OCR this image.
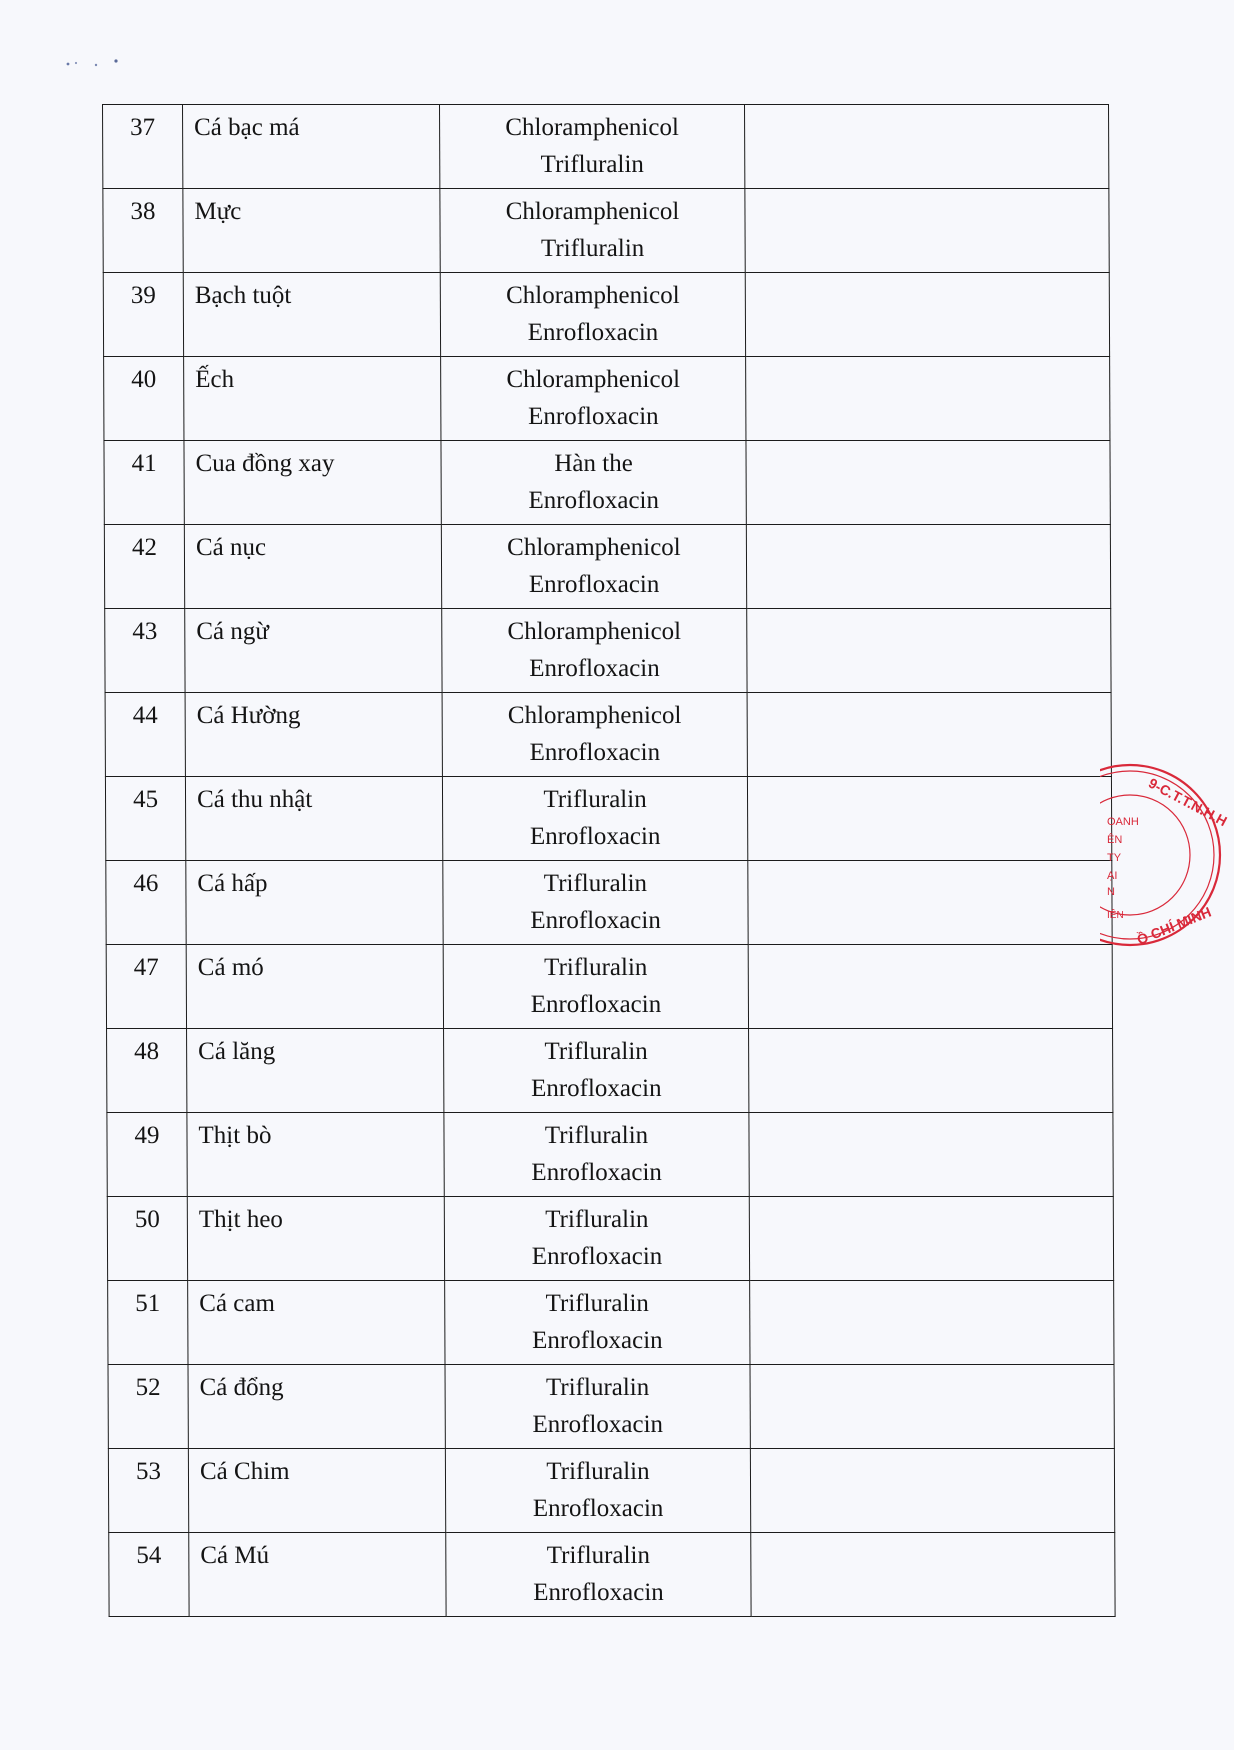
37	Cá bạc má	Chloramphenicol
Trifluralin	

38	Mực	Chloramphenicol
Trifluralin	

39	Bạch tuột	Chloramphenicol
Enrofloxacin	

40	Ếch	Chloramphenicol
Enrofloxacin	

41	Cua đồng xay	Hàn the
Enrofloxacin	

42	Cá nục	Chloramphenicol
Enrofloxacin	

43	Cá ngừ	Chloramphenicol
Enrofloxacin	

44	Cá Hường	Chloramphenicol
Enrofloxacin	

45	Cá thu nhật	Trifluralin
Enrofloxacin	

46	Cá hấp	Trifluralin
Enrofloxacin	

47	Cá mó	Trifluralin
Enrofloxacin	

48	Cá lăng	Trifluralin
Enrofloxacin	

49	Thịt bò	Trifluralin
Enrofloxacin	

50	Thịt heo	Trifluralin
Enrofloxacin	

51	Cá cam	Trifluralin
Enrofloxacin	

52	Cá đổng	Trifluralin
Enrofloxacin	

53	Cá Chim	Trifluralin
Enrofloxacin	

54	Cá Mú	Trifluralin
Enrofloxacin	

9-C.T.T.N.H.H
OANH
ÊN
TY
ẠI
N
IÊN Ồ CHÍ MINH
